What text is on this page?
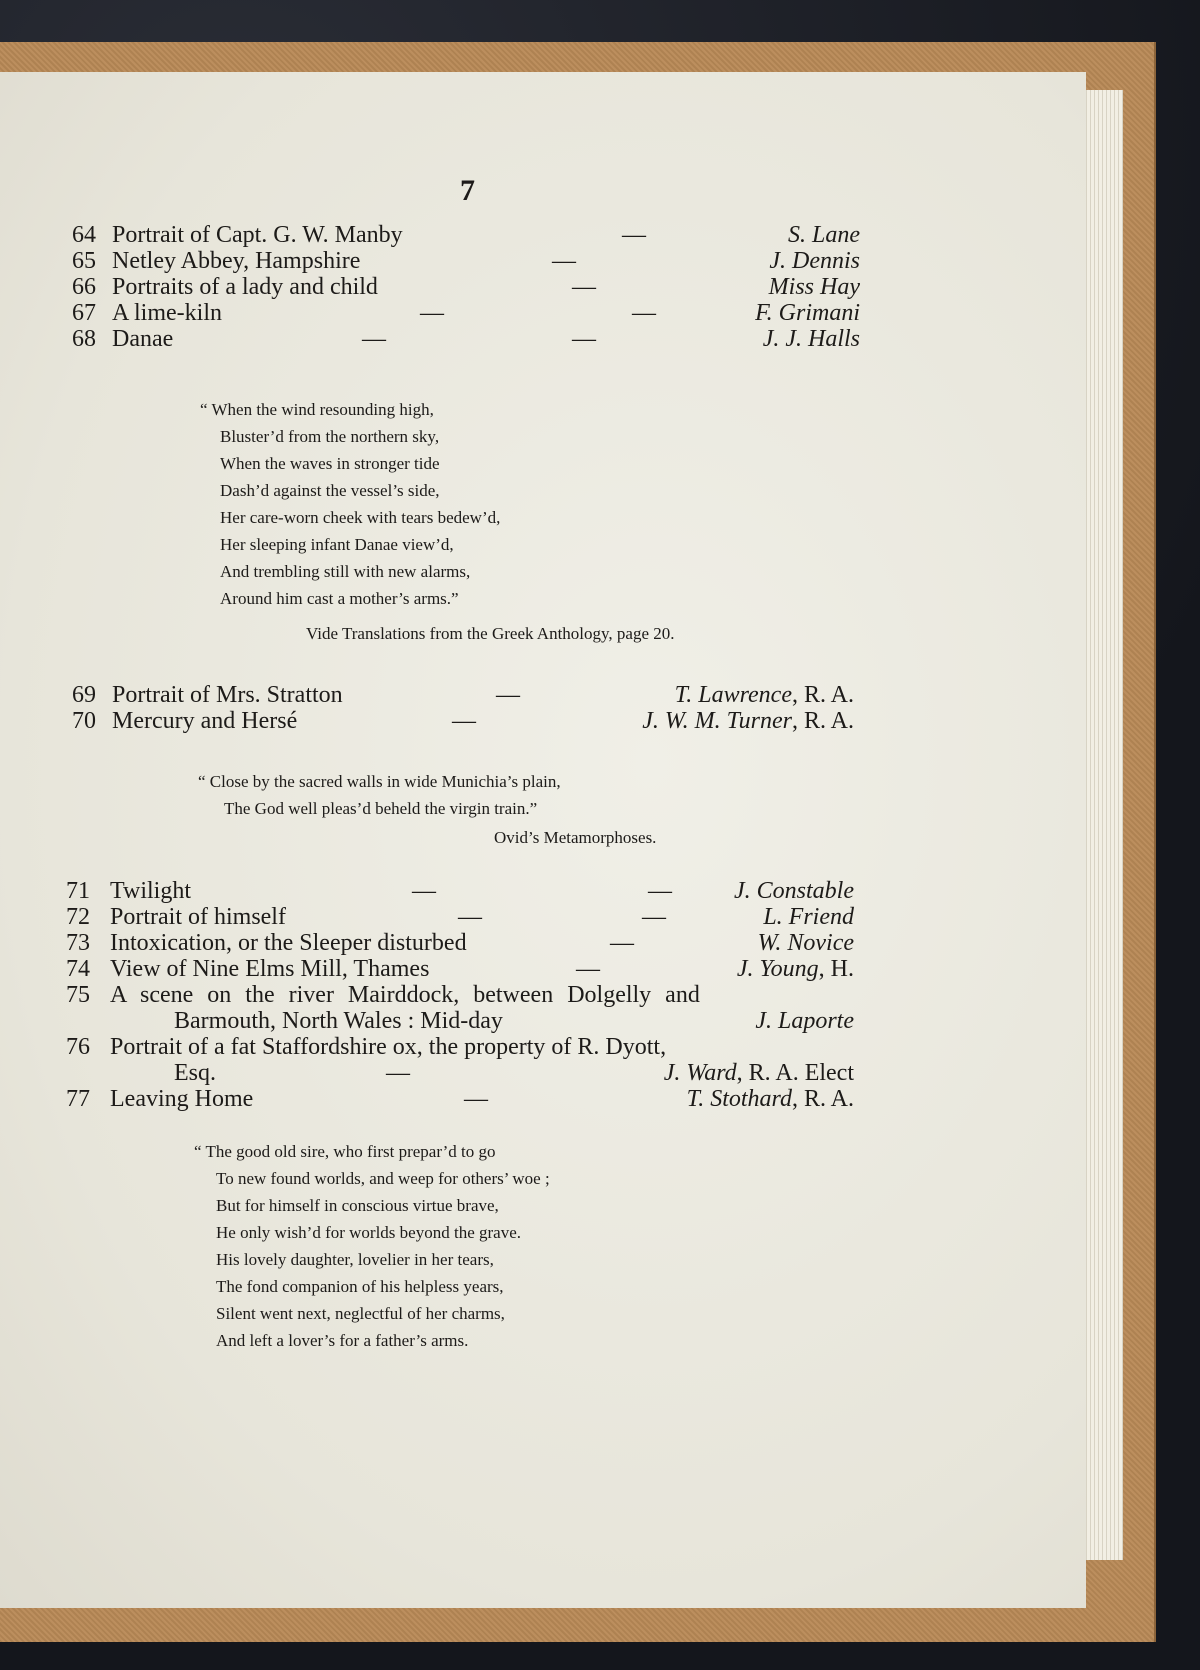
7
64 Portrait of Capt. G. W. Manby	—	S. Lane
65 Netley Abbey, Hampshire	—	J. Dennis
66 Portraits of a lady and child	—	Miss Hay
67 A lime-kiln	—	—	F. Grimani
68 Danae	—	—	J. J. Halls
“ When the wind resounding high,
Bluster’d from the northern sky,
When the waves in stronger tide
Dash’d against the vessel’s side,
Her care-worn cheek with tears bedew’d,
Her sleeping infant Danae view’d,
And trembling still with new alarms,
Around him cast a mother’s arms.”
Vide Translations from the Greek Anthology, page 20.
69 Portrait of Mrs. Stratton	—	T. Lawrence, R. A.
70 Mercury and Hersé	—	J. W. M. Turner, R. A.
“ Close by the sacred walls in wide Munichia’s plain,
The God well pleas’d beheld the virgin train.”
Ovid’s Metamorphoses.
71 Twilight	—	—	J. Constable
72 Portrait of himself	—	—	L. Friend
73 Intoxication, or the Sleeper disturbed	—	W. Novice
74 View of Nine Elms Mill, Thames	—	J. Young, H.
75 A scene on the river Mairddock, between Dolgelly and
Barmouth, North Wales : Mid-day	J. Laporte
76 Portrait of a fat Staffordshire ox, the property of R. Dyott,
Esq.	—	J. Ward, R. A. Elect
77 Leaving Home	—	T. Stothard, R. A.
“ The good old sire, who first prepar’d to go
To new found worlds, and weep for others’ woe ;
But for himself in conscious virtue brave,
He only wish’d for worlds beyond the grave.
His lovely daughter, lovelier in her tears,
The fond companion of his helpless years,
Silent went next, neglectful of her charms,
And left a lover’s for a father’s arms.
